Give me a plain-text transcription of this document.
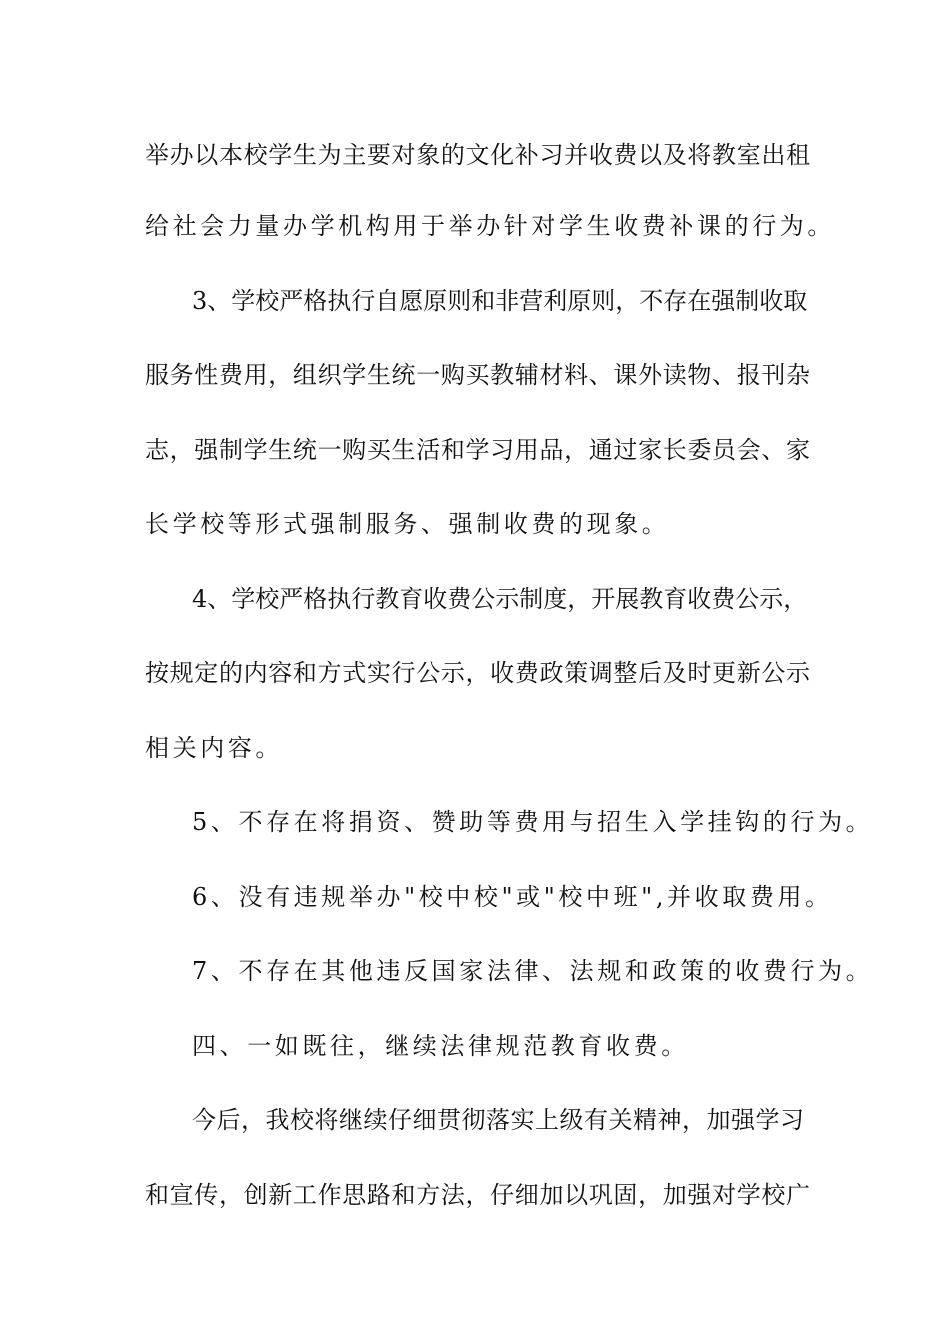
举办以本校学生为主要对象的文化补习并收费以及将教室出租
给社会力量办学机构用于举办针对学生收费补课的行为。
3、学校严格执行自愿原则和非营利原则，不存在强制收取
服务性费用，组织学生统一购买教辅材料、课外读物、报刊杂
志，强制学生统一购买生活和学习用品，通过家长委员会、家
长学校等形式强制服务、强制收费的现象。
4、学校严格执行教育收费公示制度，开展教育收费公示，
按规定的内容和方式实行公示，收费政策调整后及时更新公示
相关内容。
5、不存在将捐资、赞助等费用与招生入学挂钩的行为。
6、没有违规举办"校中校"或"校中班",并收取费用。
7、不存在其他违反国家法律、法规和政策的收费行为。
四、一如既往，继续法律规范教育收费。
今后，我校将继续仔细贯彻落实上级有关精神，加强学习
和宣传，创新工作思路和方法，仔细加以巩固，加强对学校广
